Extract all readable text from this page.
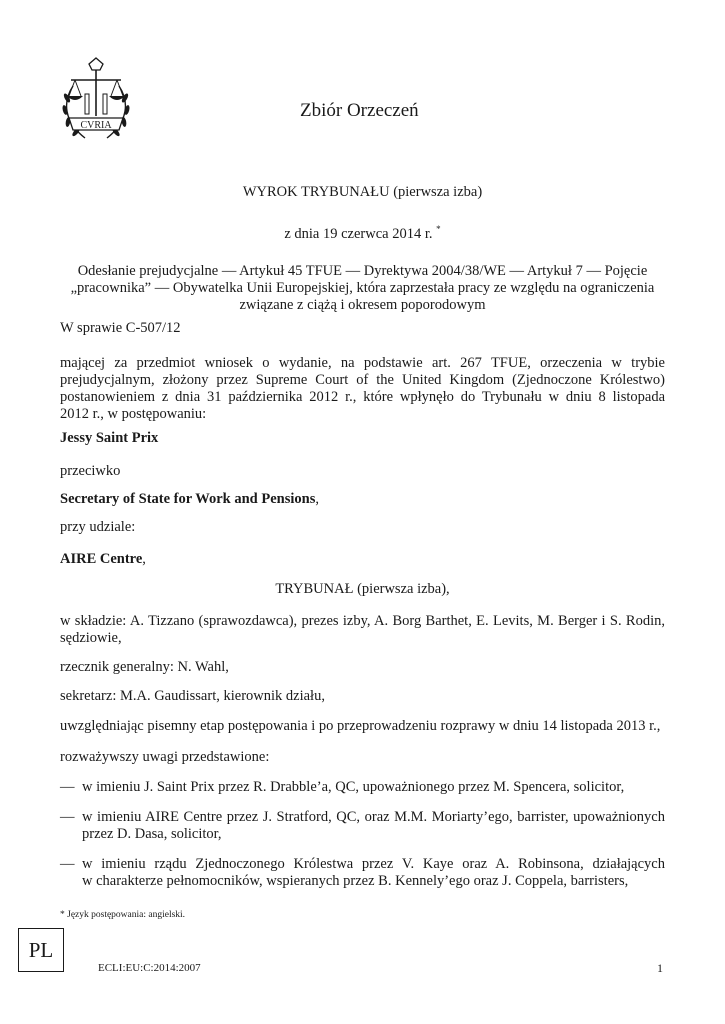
CVRIA
Zbiór Orzeczeń
WYROK TRYBUNAŁU (pierwsza izba)
z dnia 19 czerwca 2014 r. *
Odesłanie prejudycjalne — Artykuł 45 TFUE — Dyrektywa 2004/38/WE — Artykuł 7 — Pojęcie
„pracownika” — Obywatelka Unii Europejskiej, która zaprzestała pracy ze względu na ograniczenia
związane z ciążą i okresem poporodowym
W sprawie C‑507/12
mającej za przedmiot wniosek o wydanie, na podstawie art. 267 TFUE, orzeczenia w trybie
prejudycjalnym, złożony przez Supreme Court of the United Kingdom (Zjednoczone Królestwo)
postanowieniem z dnia 31 października 2012 r., które wpłynęło do Trybunału w dniu 8 listopada
2012 r., w postępowaniu:
Jessy Saint Prix
przeciwko
Secretary of State for Work and Pensions,
przy udziale:
AIRE Centre,
TRYBUNAŁ (pierwsza izba),
w składzie: A. Tizzano (sprawozdawca), prezes izby, A. Borg Barthet, E. Levits, M. Berger i S. Rodin,
sędziowie,
rzecznik generalny: N. Wahl,
sekretarz: M.A. Gaudissart, kierownik działu,
uwzględniając pisemny etap postępowania i po przeprowadzeniu rozprawy w dniu 14 listopada 2013 r.,
rozważywszy uwagi przedstawione:
— w imieniu J. Saint Prix przez R. Drabble’a, QC, upoważnionego przez M. Spencera, solicitor,
— w imieniu AIRE Centre przez J. Stratford, QC, oraz M.M. Moriarty’ego, barrister, upoważnionych
przez D. Dasa, solicitor,
— w imieniu rządu Zjednoczonego Królestwa przez V. Kaye oraz A. Robinsona, działających
w charakterze pełnomocników, wspieranych przez B. Kennely’ego oraz J. Coppela, barristers,
* Język postępowania: angielski.
PL
ECLI:EU:C:2014:2007	1
